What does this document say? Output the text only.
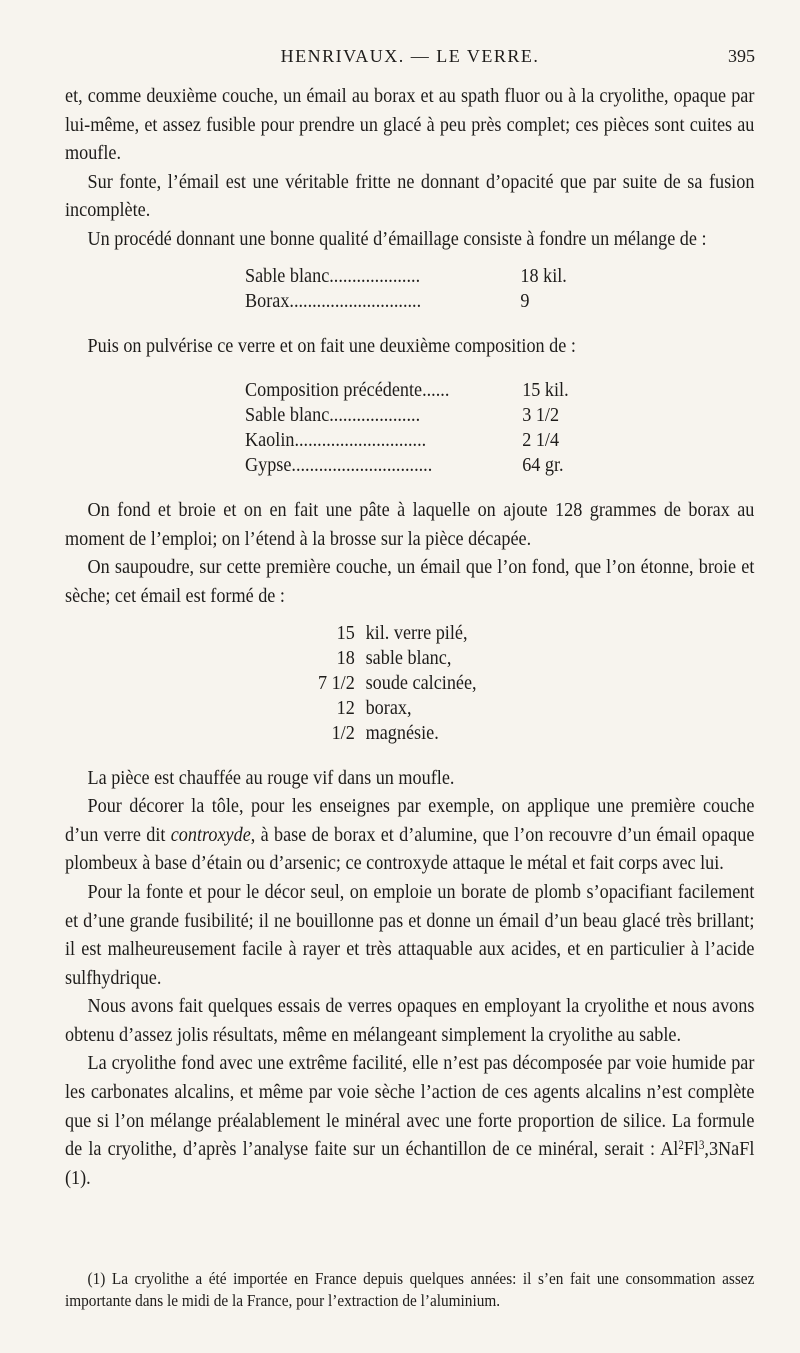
HENRIVAUX. — LE VERRE.	395

et, comme deuxième couche, un émail au borax et au spath fluor ou à la cryolithe, opaque par lui-même, et assez fusible pour prendre un glacé à peu près complet; ces pièces sont cuites au moufle.

Sur fonte, l’émail est une véritable fritte ne donnant d’opacité que par suite de sa fusion incomplète.

Un procédé donnant une bonne qualité d’émaillage consiste à fondre un mélange de :

Sable blanc....................	18 kil.
Borax.............................	9

Puis on pulvérise ce verre et on fait une deuxième composition de :

Composition précédente......	15 kil.
Sable blanc....................	3 1/2
Kaolin.............................	2 1/4
Gypse...............................	64 gr.

On fond et broie et on en fait une pâte à laquelle on ajoute 128 grammes de borax au moment de l’emploi; on l’étend à la brosse sur la pièce décapée.

On saupoudre, sur cette première couche, un émail que l’on fond, que l’on étonne, broie et sèche; cet émail est formé de :

15	kil. verre pilé,
18	sable blanc,
7 1/2	soude calcinée,
12	borax,
1/2	magnésie.

La pièce est chauffée au rouge vif dans un moufle.

Pour décorer la tôle, pour les enseignes par exemple, on applique une première couche d’un verre dit controxyde, à base de borax et d’alumine, que l’on recouvre d’un émail opaque plombeux à base d’étain ou d’arsenic; ce controxyde attaque le métal et fait corps avec lui.

Pour la fonte et pour le décor seul, on emploie un borate de plomb s’opacifiant facilement et d’une grande fusibilité; il ne bouillonne pas et donne un émail d’un beau glacé très brillant; il est malheureusement facile à rayer et très attaquable aux acides, et en particulier à l’acide sulfhydrique.

Nous avons fait quelques essais de verres opaques en employant la cryolithe et nous avons obtenu d’assez jolis résultats, même en mélangeant simplement la cryolithe au sable.

La cryolithe fond avec une extrême facilité, elle n’est pas décomposée par voie humide par les carbonates alcalins, et même par voie sèche l’action de ces agents alcalins n’est complète que si l’on mélange préalablement le minéral avec une forte proportion de silice. La formule de la cryolithe, d’après l’analyse faite sur un échantillon de ce minéral, serait : Al$^2$Fl$^3$,3NaFl (1).

(1) La cryolithe a été importée en France depuis quelques années: il s’en fait une consommation assez importante dans le midi de la France, pour l’extraction de l’aluminium.
